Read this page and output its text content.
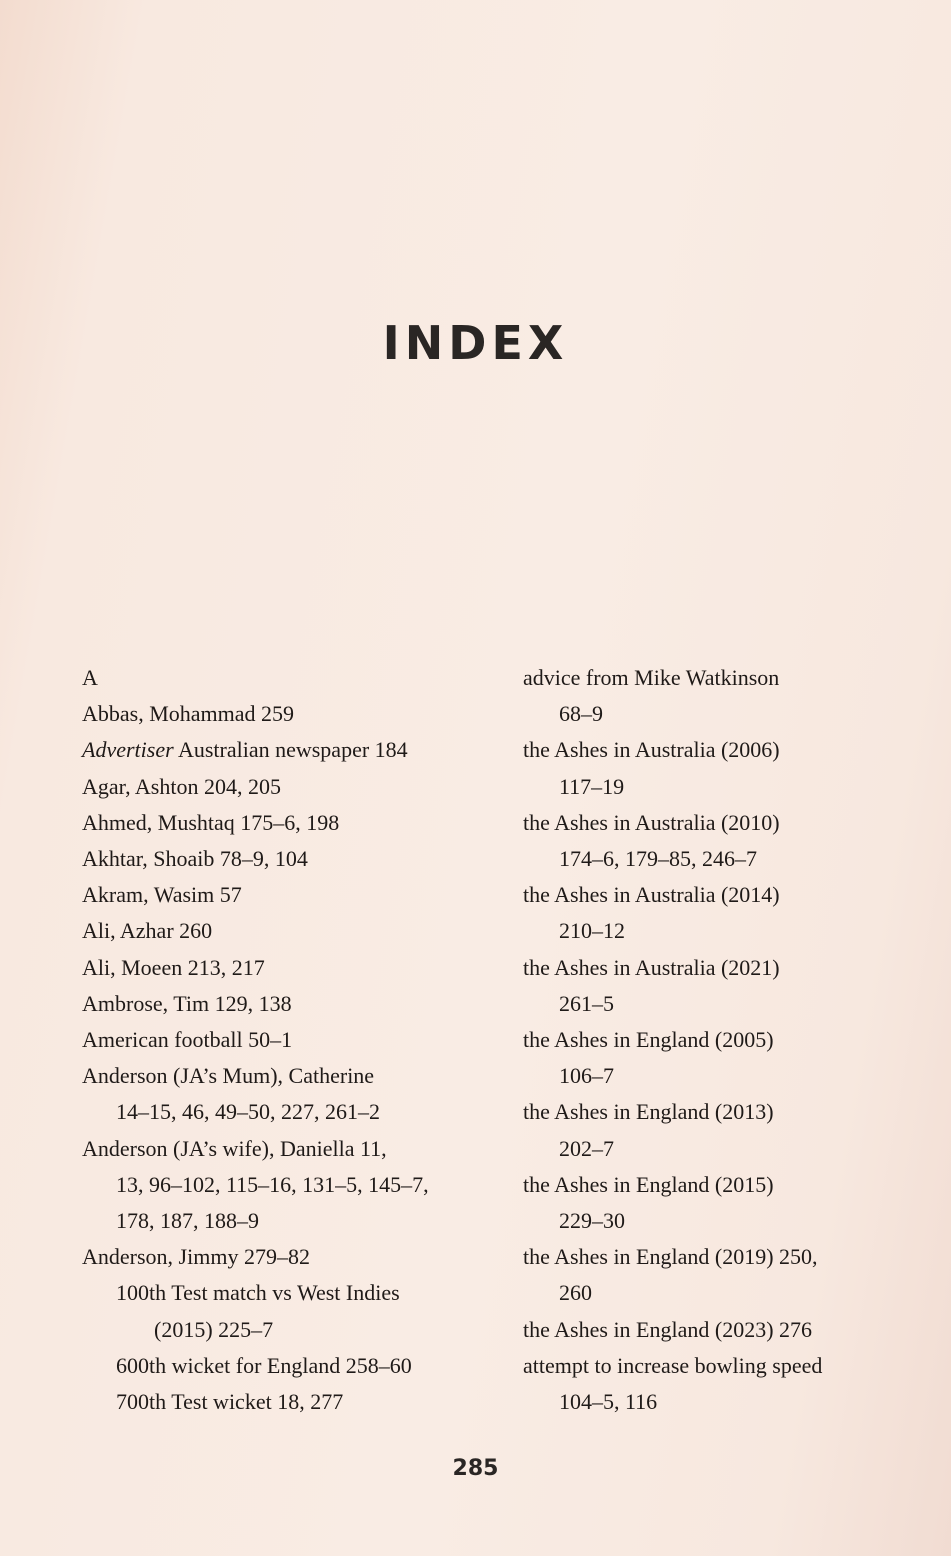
INDEX
A
Abbas, Mohammad 259
Advertiser Australian newspaper 184
Agar, Ashton 204, 205
Ahmed, Mushtaq 175–6, 198
Akhtar, Shoaib 78–9, 104
Akram, Wasim 57
Ali, Azhar 260
Ali, Moeen 213, 217
Ambrose, Tim 129, 138
American football 50–1
Anderson (JA’s Mum), Catherine
14–15, 46, 49–50, 227, 261–2
Anderson (JA’s wife), Daniella 11,
13, 96–102, 115–16, 131–5, 145–7,
178, 187, 188–9
Anderson, Jimmy 279–82
100th Test match vs West Indies
(2015) 225–7
600th wicket for England 258–60
700th Test wicket 18, 277
advice from Mike Watkinson
68–9
the Ashes in Australia (2006)
117–19
the Ashes in Australia (2010)
174–6, 179–85, 246–7
the Ashes in Australia (2014)
210–12
the Ashes in Australia (2021)
261–5
the Ashes in England (2005)
106–7
the Ashes in England (2013)
202–7
the Ashes in England (2015)
229–30
the Ashes in England (2019) 250,
260
the Ashes in England (2023) 276
attempt to increase bowling speed
104–5, 116
285
